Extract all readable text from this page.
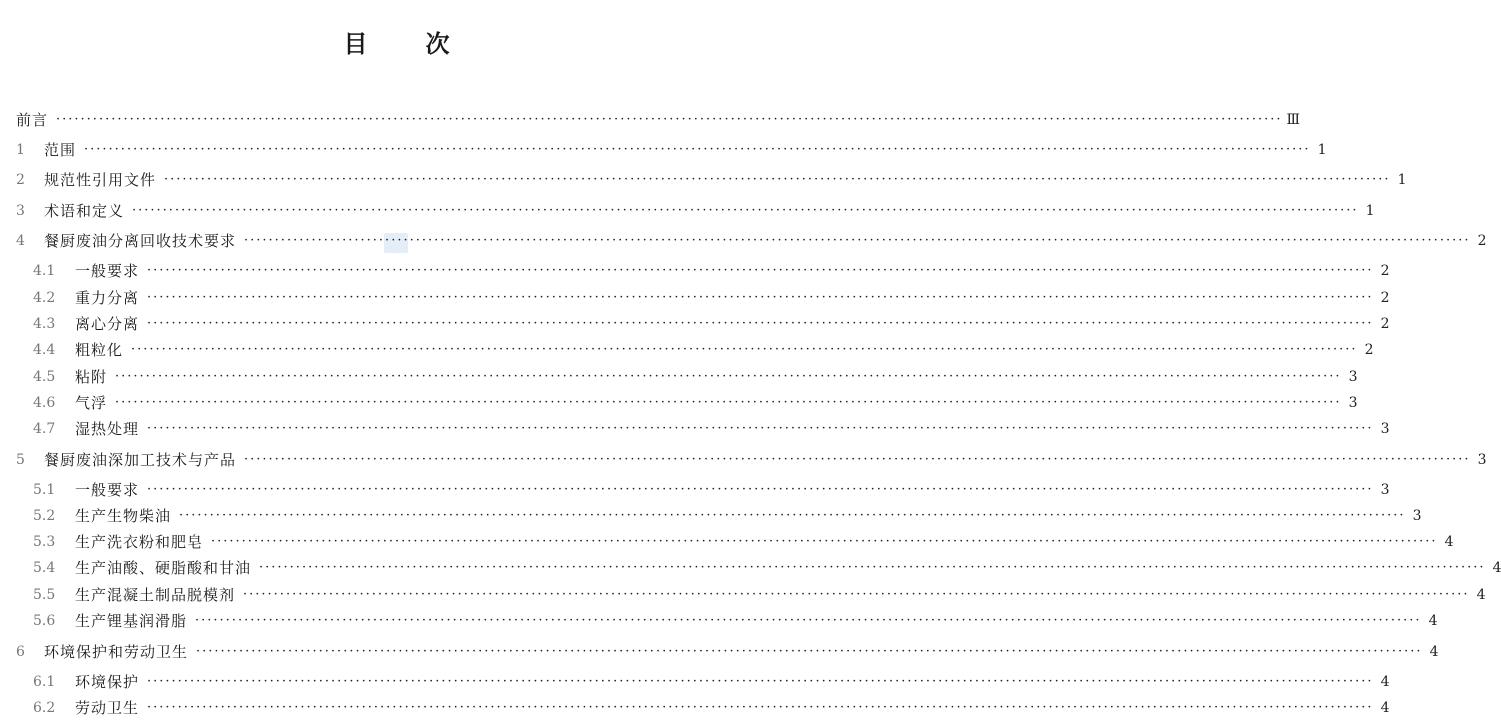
目 次
前言 ········································································································································································································ Ⅲ
1	范围 ········································································································································································································ 1
2	规范性引用文件 ········································································································································································································ 1
3	术语和定义 ········································································································································································································ 1
4	餐厨废油分离回收技术要求 ········································································································································································································ 2
4.1	一般要求 ········································································································································································································ 2
4.2	重力分离 ········································································································································································································ 2
4.3	离心分离 ········································································································································································································ 2
4.4	粗粒化 ········································································································································································································ 2
4.5	粘附 ········································································································································································································ 3
4.6	气浮 ········································································································································································································ 3
4.7	湿热处理 ········································································································································································································ 3
5	餐厨废油深加工技术与产品 ········································································································································································································ 3
5.1	一般要求 ········································································································································································································ 3
5.2	生产生物柴油 ········································································································································································································ 3
5.3	生产洗衣粉和肥皂 ········································································································································································································ 4
5.4	生产油酸、硬脂酸和甘油 ········································································································································································································ 4
5.5	生产混凝土制品脱模剂 ········································································································································································································ 4
5.6	生产锂基润滑脂 ········································································································································································································ 4
6	环境保护和劳动卫生 ········································································································································································································ 4
6.1	环境保护 ········································································································································································································ 4
6.2	劳动卫生 ········································································································································································································ 4
